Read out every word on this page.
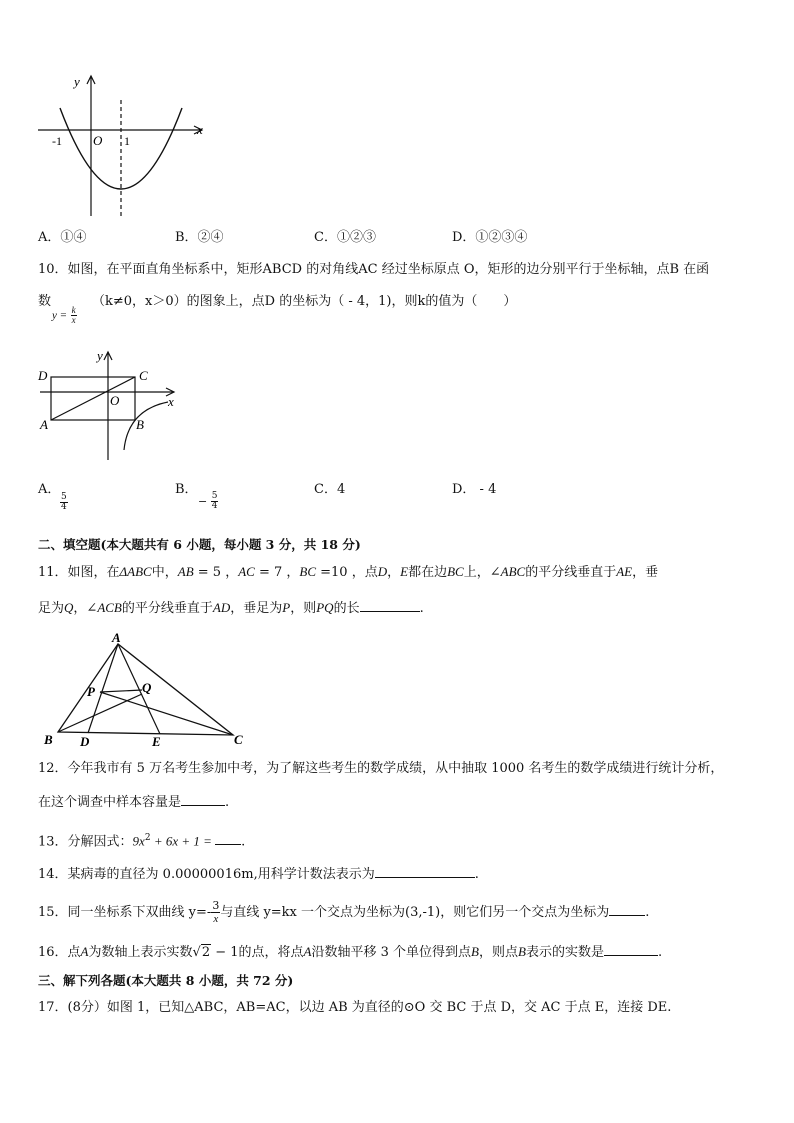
y
x
O
-1	1
A．①④	B．②④	C．①②③	D．①②③④
10．如图，在平面直角坐标系中，矩形ABCD 的对角线AC 经过坐标原点 O，矩形的边分别平行于坐标轴，点B 在函
数	（k≠0，x＞0）的图象上，点D 的坐标为（ - 4，1)，则k的值为（　　）
$y = \frac{k}{x}$
D	C
A	B
O	x
y
A．
$\frac{5}{4}$
B．
− $\frac{5}{4}$
C．4	D． - 4
二、填空题(本大题共有 6 小题，每小题 3 分，共 18 分)
11．如图，在ΔABC中，AB = 5 ，AC = 7 ，BC =10 ，点D，E都在边BC上，∠ABC的平分线垂直于AE，垂
足为Q，∠ACB的平分线垂直于AD，垂足为P，则PQ的长	.
A
B	C
D	E
P	Q
12．今年我市有 5 万名考生参加中考，为了解这些考生的数学成绩，从中抽取 1000 名考生的数学成绩进行统计分析，
在这个调查中样本容量是	.
13．分解因式：$9x^2 + 6x + 1$ = .
14．某病毒的直径为 0.00000016m,用科学计数法表示为	.
15．同一坐标系下双曲线 $y=- \frac{3}{x}$ 与直线 y=kx 一个交点为坐标为(3,-1)，则它们另一个交点为坐标为	.
16．点A为数轴上表示实数√2 − 1的点，将点A沿数轴平移 3 个单位得到点B，则点B表示的实数是	.
三、解下列各题(本大题共 8 小题，共 72 分)
17．(8分）如图 1，已知△ABC，AB=AC，以边 AB 为直径的⊙O 交 BC 于点 D，交 AC 于点 E，连接 DE.
